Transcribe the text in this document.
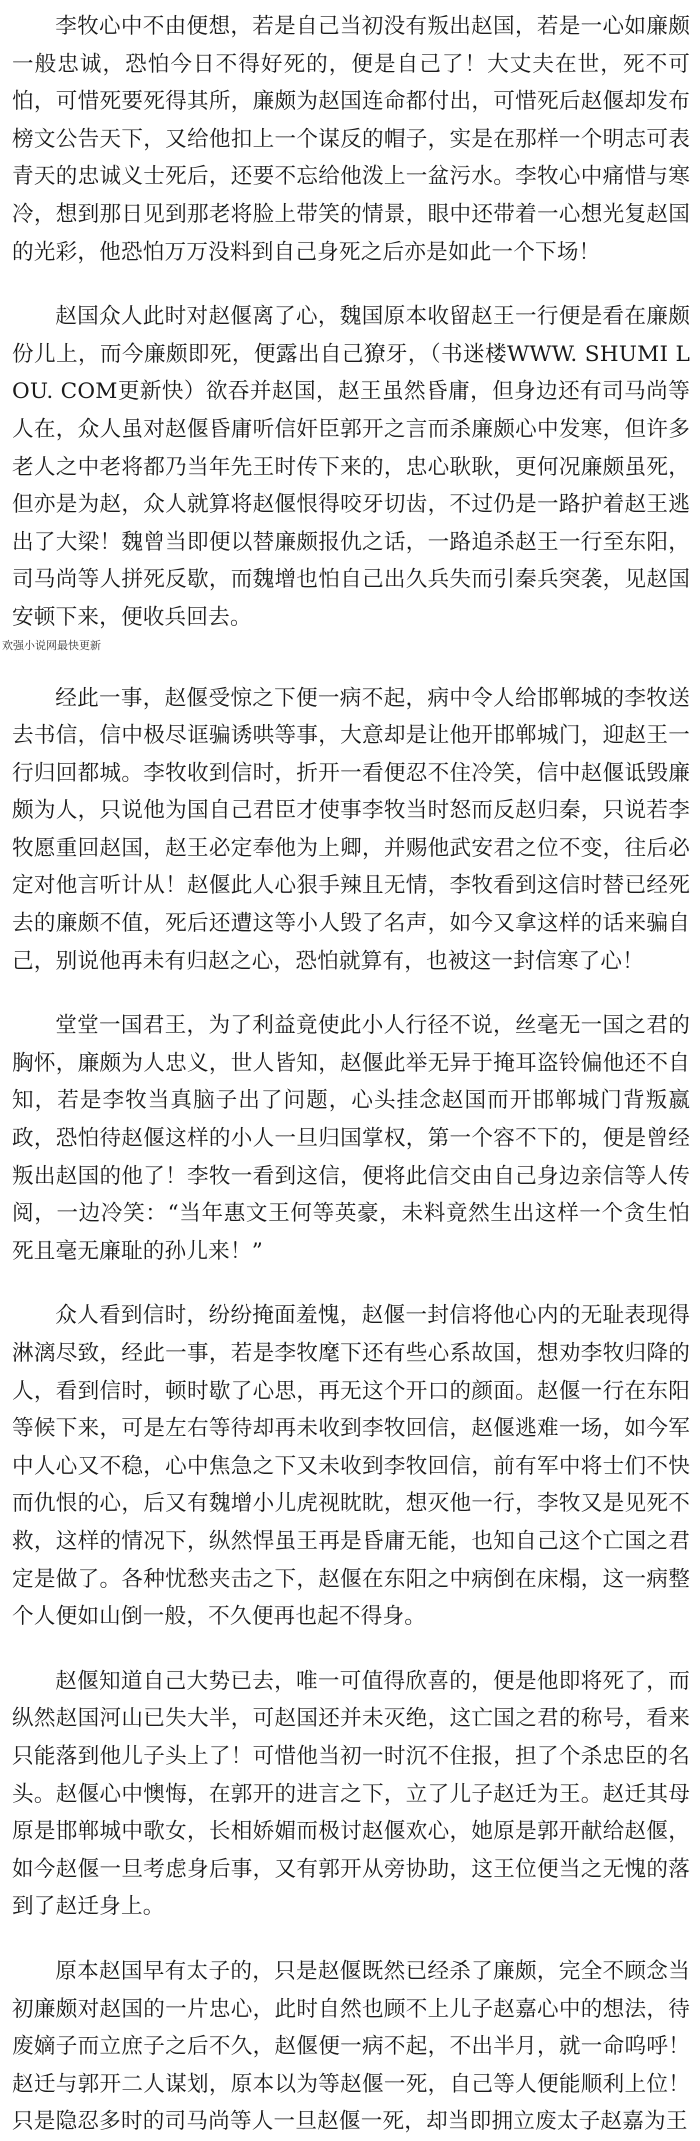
李牧心中不由便想，若是自己当初没有叛出赵国，若是一心如廉颇一般忠诚，恐怕今日不得好死的，便是自己了！大丈夫在世，死不可怕，可惜死要死得其所，廉颇为赵国连命都付出，可惜死后赵偃却发布榜文公告天下，又给他扣上一个谋反的帽子，实是在那样一个明志可表青天的忠诚义士死后，还要不忘给他泼上一盆污水。李牧心中痛惜与寒冷，想到那日见到那老将脸上带笑的情景，眼中还带着一心想光复赵国的光彩，他恐怕万万没料到自己身死之后亦是如此一个下场！

赵国众人此时对赵偃离了心，魏国原本收留赵王一行便是看在廉颇份儿上，而今廉颇即死，便露出自己獠牙，（书迷楼WWW. SHUMI LOU. COM更新快）欲吞并赵国，赵王虽然昏庸，但身边还有司马尚等人在，众人虽对赵偃昏庸听信奸臣郭开之言而杀廉颇心中发寒，但许多老人之中老将都乃当年先王时传下来的，忠心耿耿，更何况廉颇虽死，但亦是为赵，众人就算将赵偃恨得咬牙切齿，不过仍是一路护着赵王逃出了大梁！魏曾当即便以替廉颇报仇之话，一路追杀赵王一行至东阳，司马尚等人拼死反歇，而魏增也怕自己出久兵失而引秦兵突袭，见赵国安顿下来，便收兵回去。

欢强小说网最快更新

经此一事，赵偃受惊之下便一病不起，病中令人给邯郸城的李牧送去书信，信中极尽诓骗诱哄等事，大意却是让他开邯郸城门，迎赵王一行归回都城。李牧收到信时，折开一看便忍不住冷笑，信中赵偃诋毁廉颇为人，只说他为国自己君臣才使事李牧当时怒而反赵归秦，只说若李牧愿重回赵国，赵王必定奉他为上卿，并赐他武安君之位不变，往后必定对他言听计从！赵偃此人心狠手辣且无情，李牧看到这信时替已经死去的廉颇不值，死后还遭这等小人毁了名声，如今又拿这样的话来骗自己，别说他再未有归赵之心，恐怕就算有，也被这一封信寒了心！

堂堂一国君王，为了利益竟使此小人行径不说，丝毫无一国之君的胸怀，廉颇为人忠义，世人皆知，赵偃此举无异于掩耳盗铃偏他还不自知，若是李牧当真脑子出了问题，心头挂念赵国而开邯郸城门背叛嬴政，恐怕待赵偃这样的小人一旦归国掌权，第一个容不下的，便是曾经叛出赵国的他了！李牧一看到这信，便将此信交由自己身边亲信等人传阅，一边冷笑：“当年惠文王何等英豪，未料竟然生出这样一个贪生怕死且毫无廉耻的孙儿来！”

众人看到信时，纷纷掩面羞愧，赵偃一封信将他心内的无耻表现得淋漓尽致，经此一事，若是李牧麾下还有些心系故国，想劝李牧归降的人，看到信时，顿时歇了心思，再无这个开口的颜面。赵偃一行在东阳等候下来，可是左右等待却再未收到李牧回信，赵偃逃难一场，如今军中人心又不稳，心中焦急之下又未收到李牧回信，前有军中将士们不快而仇恨的心，后又有魏增小儿虎视眈眈，想灭他一行，李牧又是见死不救，这样的情况下，纵然悍虽王再是昏庸无能，也知自己这个亡国之君定是做了。各种忧愁夹击之下，赵偃在东阳之中病倒在床榻，这一病整个人便如山倒一般，不久便再也起不得身。

赵偃知道自己大势已去，唯一可值得欣喜的，便是他即将死了，而纵然赵国河山已失大半，可赵国还并未灭绝，这亡国之君的称号，看来只能落到他儿子头上了！可惜他当初一时沉不住报，担了个杀忠臣的名头。赵偃心中懊悔，在郭开的进言之下，立了儿子赵迁为王。赵迁其母原是邯郸城中歌女，长相娇媚而极讨赵偃欢心，她原是郭开献给赵偃，如今赵偃一旦考虑身后事，又有郭开从旁协助，这王位便当之无愧的落到了赵迁身上。

原本赵国早有太子的，只是赵偃既然已经杀了廉颇，完全不顾念当初廉颇对赵国的一片忠心，此时自然也顾不上儿子赵嘉心中的想法，待废嫡子而立庶子之后不久，赵偃便一病不起，不出半月，就一命呜呼！赵迁与郭开二人谋划，原本以为等赵偃一死，自己等人便能顺利上位！只是隐忍多时的司马尚等人一旦赵偃一死，却当即拥立废太子赵嘉为王
